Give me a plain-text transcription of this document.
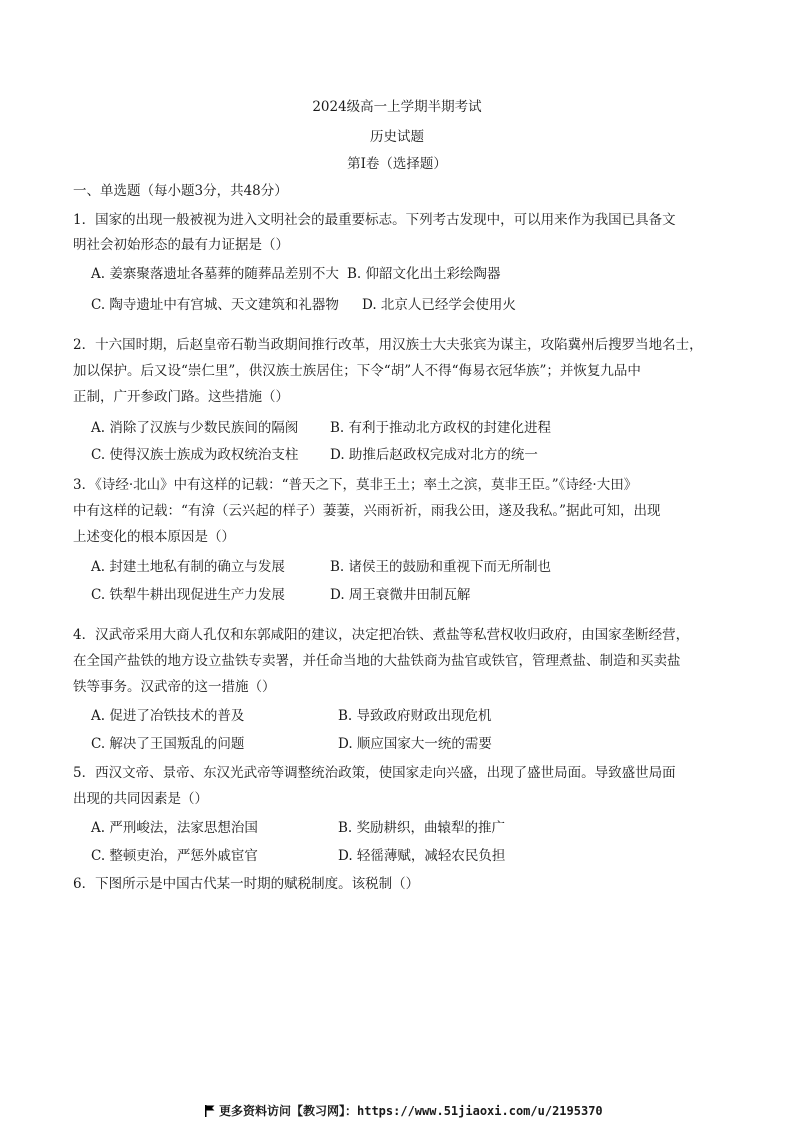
2024级高一上学期半期考试
历史试题
第I卷（选择题）
一、单选题（每小题3分，共48分）
1．国家的出现一般被视为进入文明社会的最重要标志。下列考古发现中，可以用来作为我国已具备文
明社会初始形态的最有力证据是（）
A. 姜寨聚落遗址各墓葬的随葬品差别不大 B. 仰韶文化出土彩绘陶器
C. 陶寺遗址中有宫城、天文建筑和礼器物 D. 北京人已经学会使用火
2．十六国时期，后赵皇帝石勒当政期间推行改革，用汉族士大夫张宾为谋主，攻陷冀州后搜罗当地名士，
加以保护。后又设“崇仁里”，供汉族士族居住；下令“胡”人不得“侮易衣冠华族”；并恢复九品中
正制，广开参政门路。这些措施（）
A. 消除了汉族与少数民族间的隔阂 B. 有利于推动北方政权的封建化进程
C. 使得汉族士族成为政权统治支柱 D. 助推后赵政权完成对北方的统一
3．《诗经·北山》中有这样的记载：“普天之下，莫非王土；率土之滨，莫非王臣。”《诗经·大田》
中有这样的记载：“有渰（云兴起的样子）萋萋，兴雨祈祈，雨我公田，遂及我私。”据此可知，出现
上述变化的根本原因是（）
A. 封建土地私有制的确立与发展	B. 诸侯王的鼓励和重视下而无所制也
C. 铁犁牛耕出现促进生产力发展	D. 周王衰微井田制瓦解
4．汉武帝采用大商人孔仅和东郭咸阳的建议，决定把冶铁、煮盐等私营权收归政府，由国家垄断经营，
在全国产盐铁的地方设立盐铁专卖署，并任命当地的大盐铁商为盐官或铁官，管理煮盐、制造和买卖盐
铁等事务。汉武帝的这一措施（）
A. 促进了冶铁技术的普及	B. 导致政府财政出现危机
C. 解决了王国叛乱的问题	D. 顺应国家大一统的需要
5．西汉文帝、景帝、东汉光武帝等调整统治政策，使国家走向兴盛，出现了盛世局面。导致盛世局面
出现的共同因素是（）
A. 严刑峻法，法家思想治国	B. 奖励耕织，曲辕犁的推广
C. 整顿吏治，严惩外戚宦官	D. 轻徭薄赋，减轻农民负担
6．下图所示是中国古代某一时期的赋税制度。该税制（）
更多资料访问【教习网】：https://www.51jiaoxi.com/u/2195370
